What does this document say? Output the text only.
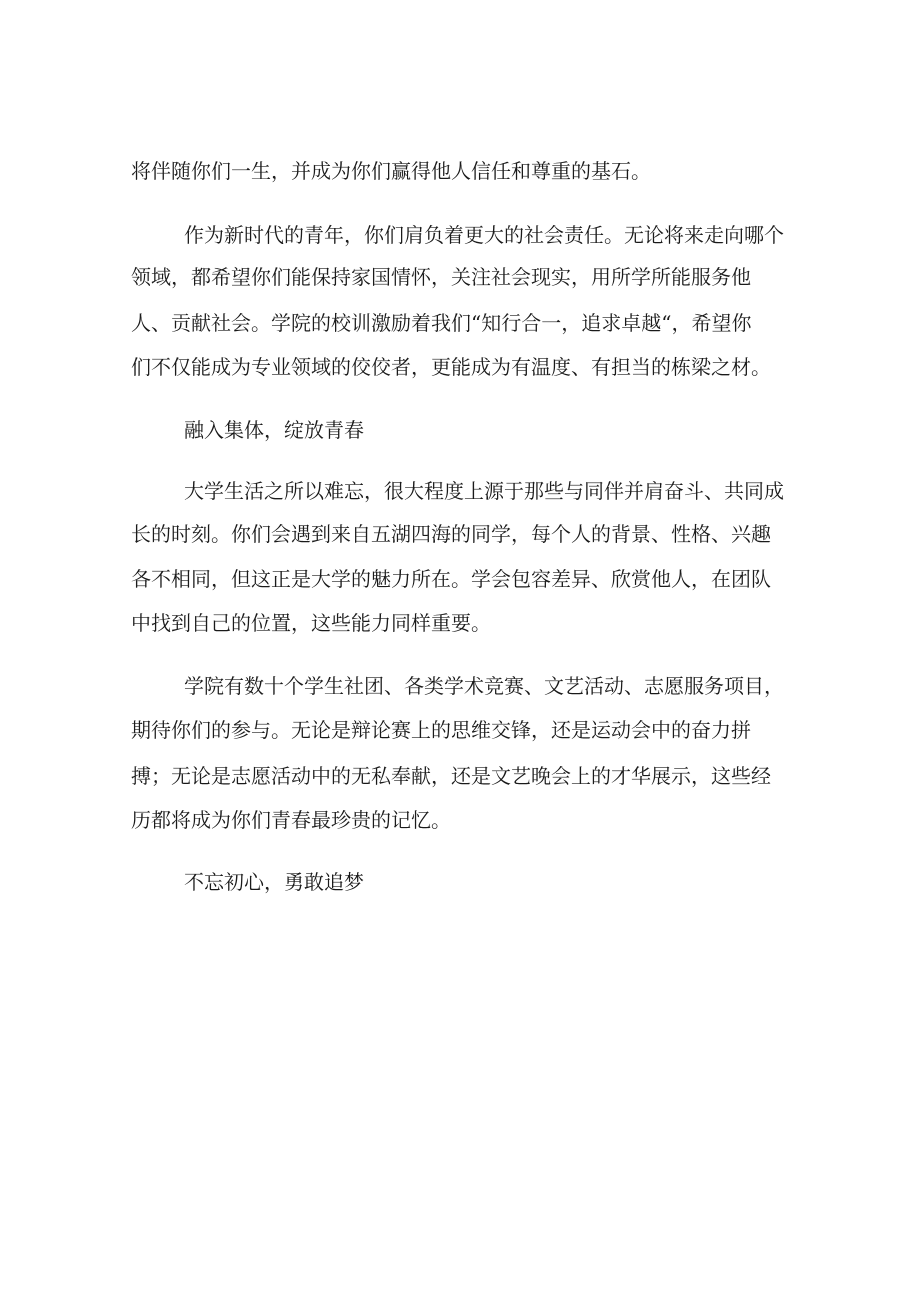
将伴随你们一生，并成为你们赢得他人信任和尊重的基石。

作为新时代的青年，你们肩负着更大的社会责任。无论将来走向哪个

领域，都希望你们能保持家国情怀，关注社会现实，用所学所能服务他

人、贡献社会。学院的校训激励着我们“知行合一，追求卓越“，希望你

们不仅能成为专业领域的佼佼者，更能成为有温度、有担当的栋梁之材。

融入集体，绽放青春

大学生活之所以难忘，很大程度上源于那些与同伴并肩奋斗、共同成

长的时刻。你们会遇到来自五湖四海的同学，每个人的背景、性格、兴趣

各不相同，但这正是大学的魅力所在。学会包容差异、欣赏他人，在团队

中找到自己的位置，这些能力同样重要。

学院有数十个学生社团、各类学术竞赛、文艺活动、志愿服务项目，

期待你们的参与。无论是辩论赛上的思维交锋，还是运动会中的奋力拼

搏；无论是志愿活动中的无私奉献，还是文艺晚会上的才华展示，这些经

历都将成为你们青春最珍贵的记忆。

不忘初心，勇敢追梦
